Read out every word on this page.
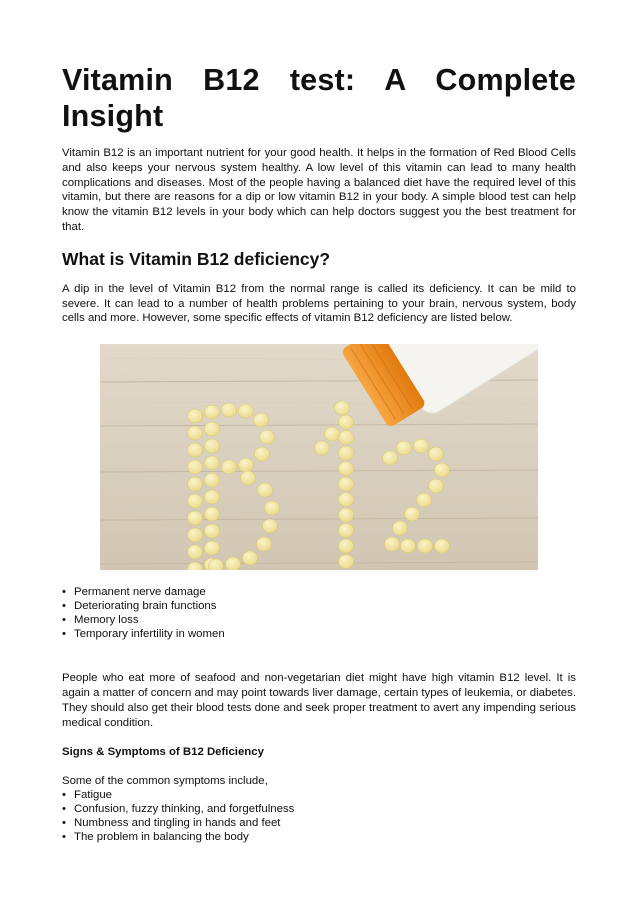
Vitamin B12 test: A Complete Insight

Vitamin B12 is an important nutrient for your good health. It helps in the formation of Red Blood Cells and also keeps your nervous system healthy. A low level of this vitamin can lead to many health complications and diseases. Most of the people having a balanced diet have the required level of this vitamin, but there are reasons for a dip or low vitamin B12 in your body. A simple blood test can help know the vitamin B12 levels in your body which can help doctors suggest you the best treatment for that.

What is Vitamin B12 deficiency?

A dip in the level of Vitamin B12 from the normal range is called its deficiency. It can be mild to severe. It can lead to a number of health problems pertaining to your brain, nervous system, body cells and more. However, some specific effects of vitamin B12 deficiency are listed below.

• Permanent nerve damage
• Deteriorating brain functions
• Memory loss
• Temporary infertility in women

People who eat more of seafood and non-vegetarian diet might have high vitamin B12 level. It is again a matter of concern and may point towards liver damage, certain types of leukemia, or diabetes. They should also get their blood tests done and seek proper treatment to avert any impending serious medical condition.

Signs & Symptoms of B12 Deficiency

Some of the common symptoms include,

• Fatigue
• Confusion, fuzzy thinking, and forgetfulness
• Numbness and tingling in hands and feet
• The problem in balancing the body
